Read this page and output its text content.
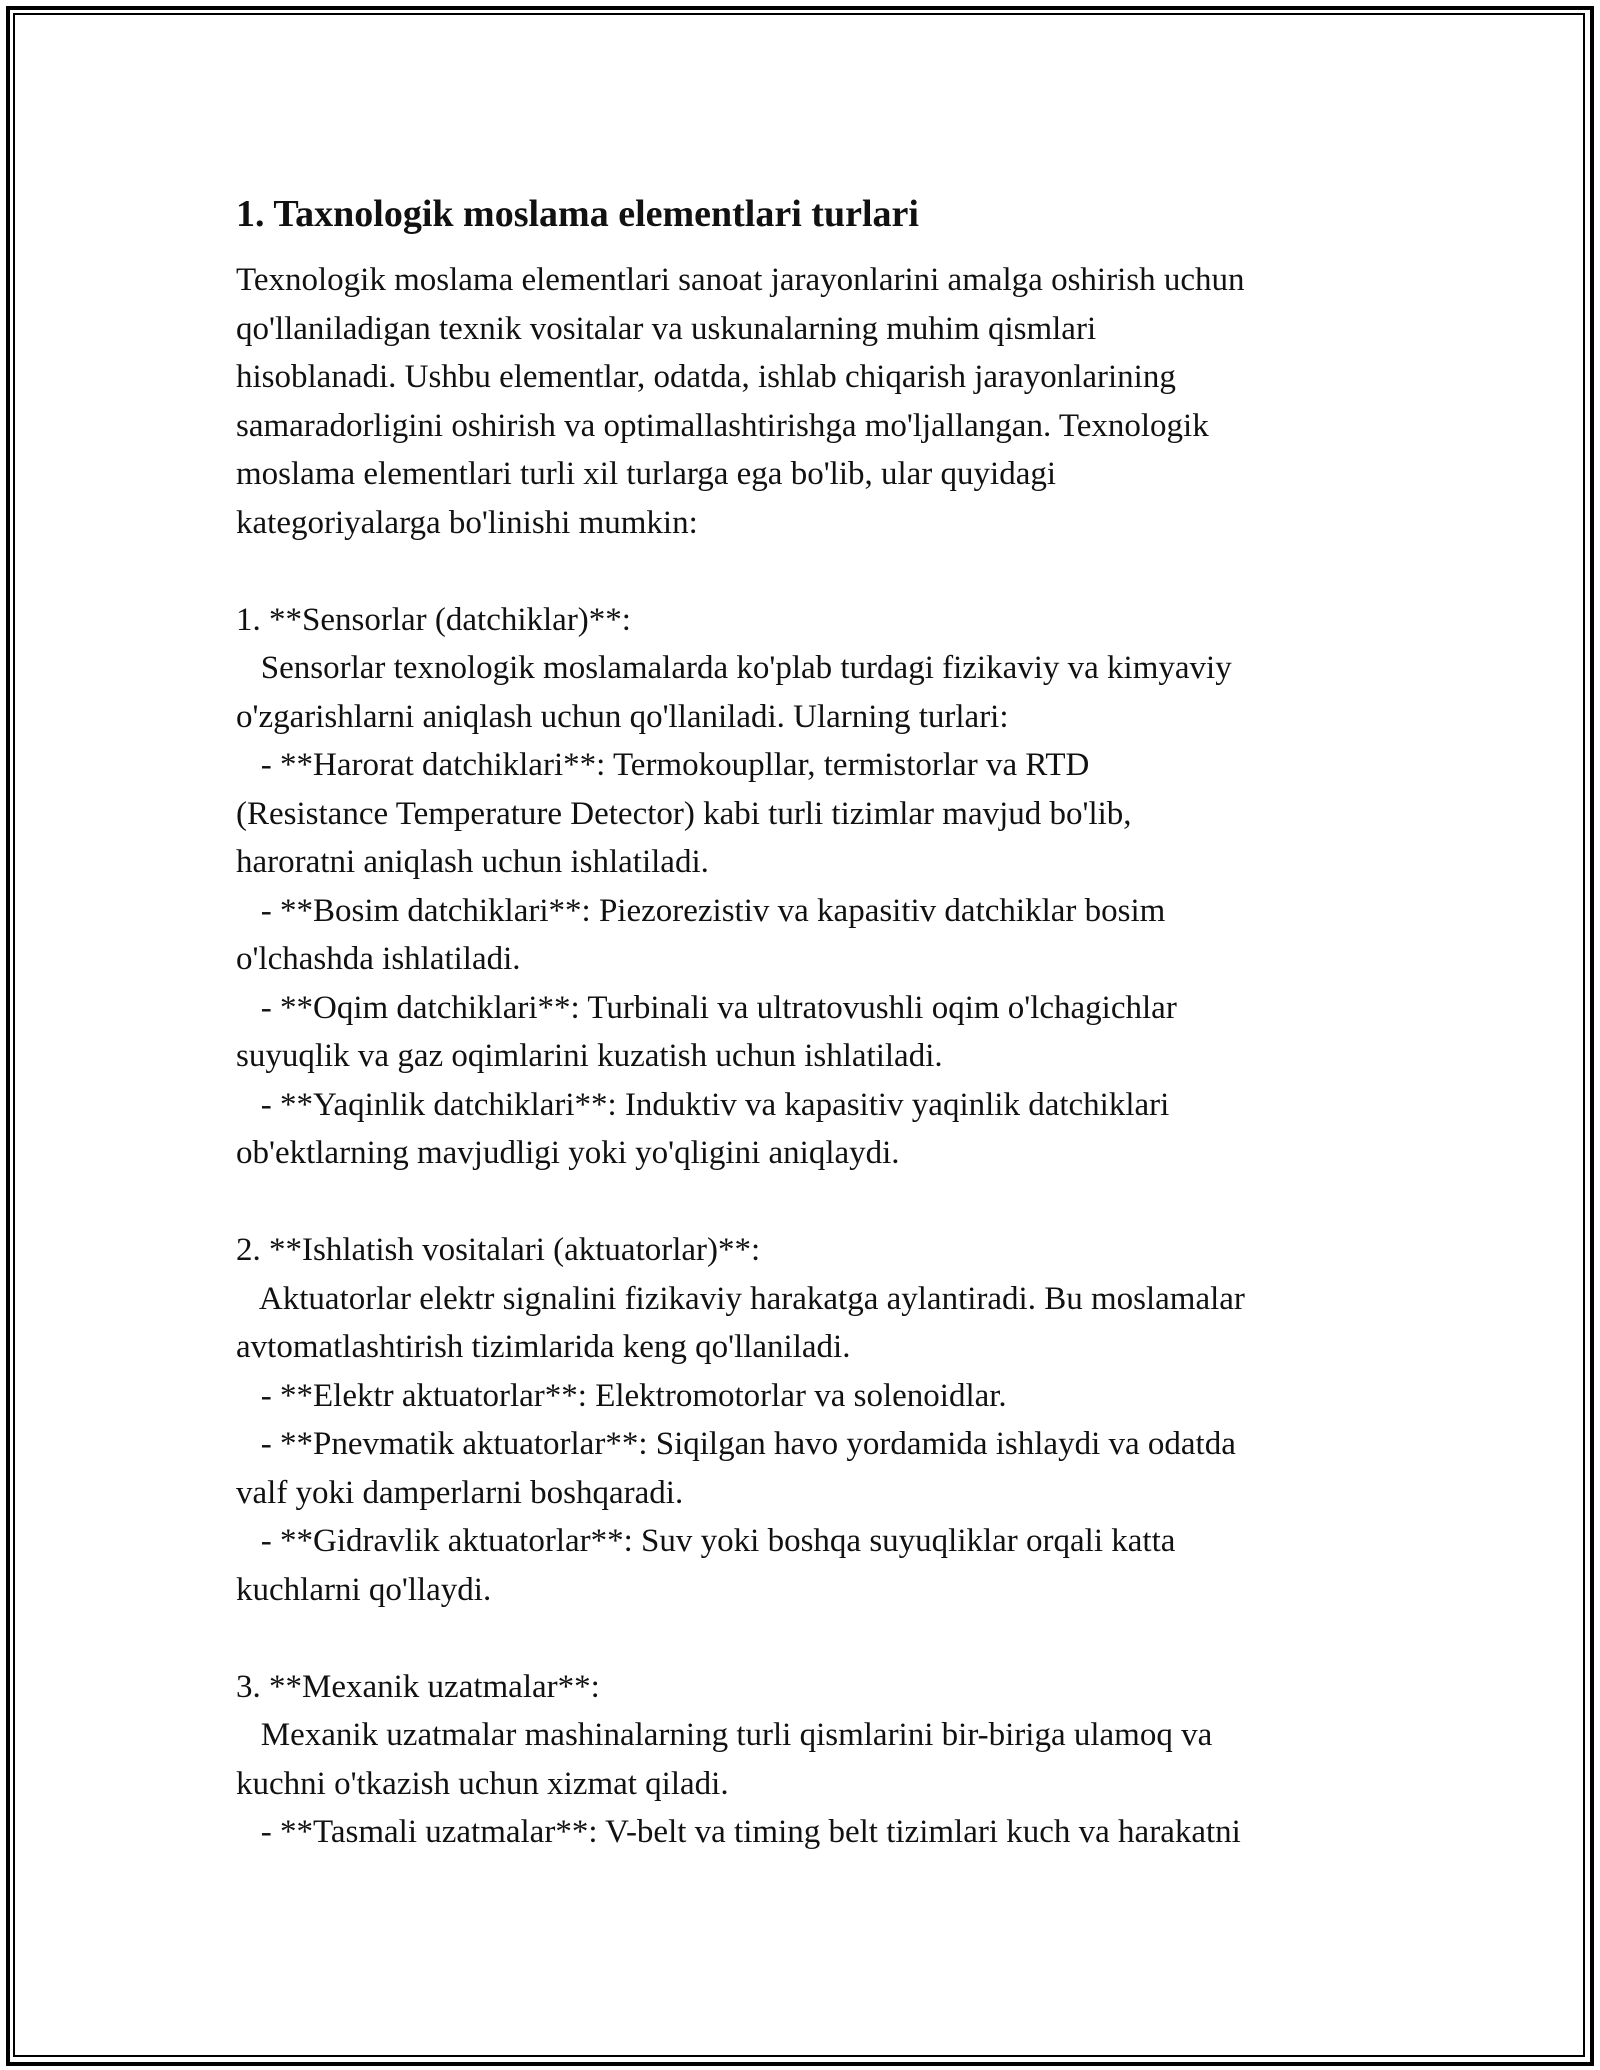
1. Taxnologik moslama elementlari turlari
Texnologik moslama elementlari sanoat jarayonlarini amalga oshirish uchun
qo'llaniladigan texnik vositalar va uskunalarning muhim qismlari
hisoblanadi. Ushbu elementlar, odatda, ishlab chiqarish jarayonlarining
samaradorligini oshirish va optimallashtirishga mo'ljallangan. Texnologik
moslama elementlari turli xil turlarga ega bo'lib, ular quyidagi
kategoriyalarga bo'linishi mumkin:
1. **Sensorlar (datchiklar)**:
Sensorlar texnologik moslamalarda ko'plab turdagi fizikaviy va kimyaviy
o'zgarishlarni aniqlash uchun qo'llaniladi. Ularning turlari:
- **Harorat datchiklari**: Termokoupllar, termistorlar va RTD
(Resistance Temperature Detector) kabi turli tizimlar mavjud bo'lib,
haroratni aniqlash uchun ishlatiladi.
- **Bosim datchiklari**: Piezorezistiv va kapasitiv datchiklar bosim
o'lchashda ishlatiladi.
- **Oqim datchiklari**: Turbinali va ultratovushli oqim o'lchagichlar
suyuqlik va gaz oqimlarini kuzatish uchun ishlatiladi.
- **Yaqinlik datchiklari**: Induktiv va kapasitiv yaqinlik datchiklari
ob'ektlarning mavjudligi yoki yo'qligini aniqlaydi.
2. **Ishlatish vositalari (aktuatorlar)**:
Aktuatorlar elektr signalini fizikaviy harakatga aylantiradi. Bu moslamalar
avtomatlashtirish tizimlarida keng qo'llaniladi.
- **Elektr aktuatorlar**: Elektromotorlar va solenoidlar.
- **Pnevmatik aktuatorlar**: Siqilgan havo yordamida ishlaydi va odatda
valf yoki damperlarni boshqaradi.
- **Gidravlik aktuatorlar**: Suv yoki boshqa suyuqliklar orqali katta
kuchlarni qo'llaydi.
3. **Mexanik uzatmalar**:
Mexanik uzatmalar mashinalarning turli qismlarini bir-biriga ulamoq va
kuchni o'tkazish uchun xizmat qiladi.
- **Tasmali uzatmalar**: V-belt va timing belt tizimlari kuch va harakatni
